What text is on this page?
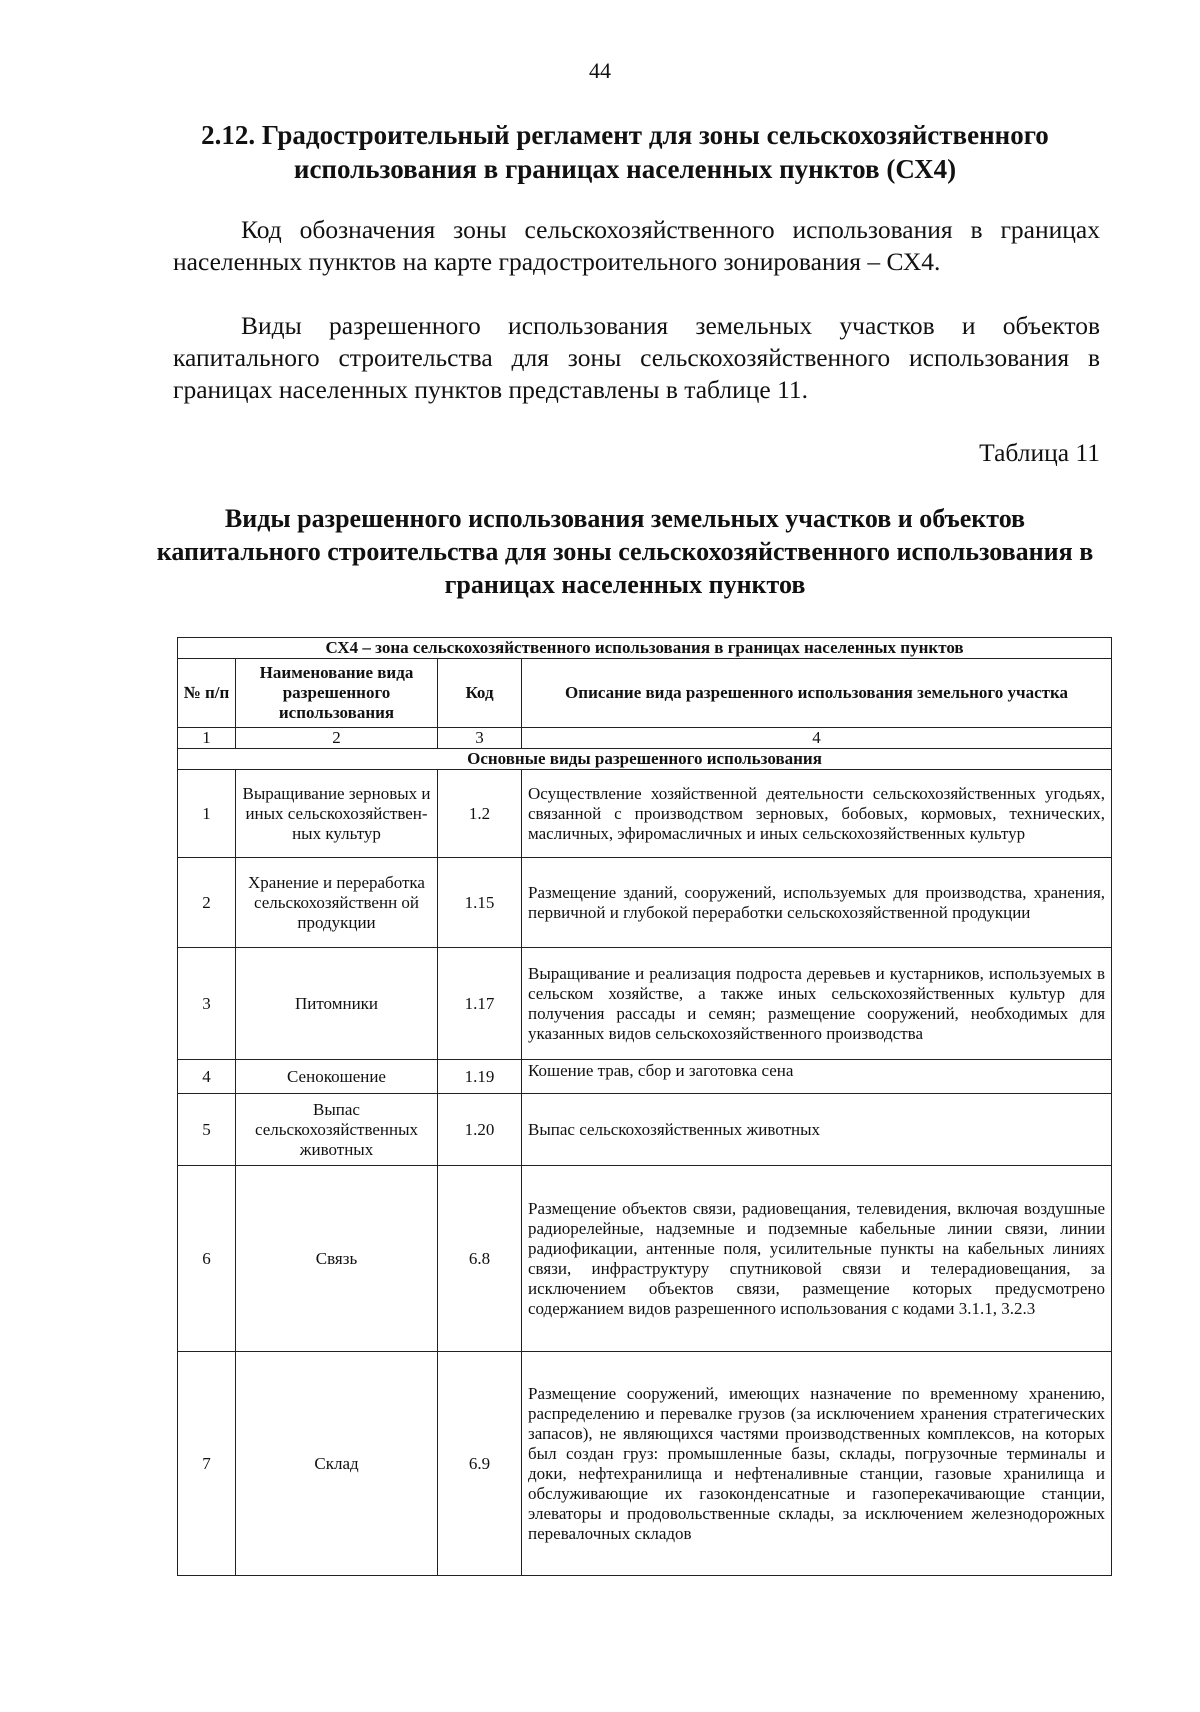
44
2.12. Градостроительный регламент для зоны сельскохозяйственного использования в границах населенных пунктов (СХ4)
Код обозначения зоны сельскохозяйственного использования в границах населенных пунктов на карте градостроительного зонирования – СХ4.
Виды разрешенного использования земельных участков и объектов капитального строительства для зоны сельскохозяйственного использования в границах населенных пунктов представлены в таблице 11.
Таблица 11
Виды разрешенного использования земельных участков и объектов капитального строительства для зоны сельскохозяйственного использования в границах населенных пунктов
СХ4 – зона сельскохозяйственного использования в границах населенных пунктов			
№ п/п	Наименование вида разрешенного использования	Код	Описание вида разрешенного использования земельного участка
1	2	3	4
Основные виды разрешенного использования			
1	Выращивание зерновых и иных сельскохозяйствен-ных культур	1.2	Осуществление хозяйственной деятельности сельскохозяйственных угодьях, связанной с производством зерновых, бобовых, кормовых, технических, масличных, эфиромасличных и иных сельскохозяйственных культур
2	Хранение и переработка сельскохозяйственн ой продукции	1.15	Размещение зданий, сооружений, используемых для производства, хранения, первичной и глубокой переработки сельскохозяйственной продукции
3	Питомники	1.17	Выращивание и реализация подроста деревьев и кустарников, используемых в сельском хозяйстве, а также иных сельскохозяйственных культур для получения рассады и семян; размещение сооружений, необходимых для указанных видов сельскохозяйственного производства
4	Сенокошение	1.19	Кошение трав, сбор и заготовка сена
5	Выпас сельскохозяйственных животных	1.20	Выпас сельскохозяйственных животных
6	Связь	6.8	Размещение объектов связи, радиовещания, телевидения, включая воздушные радиорелейные, надземные и подземные кабельные линии связи, линии радиофикации, антенные поля, усилительные пункты на кабельных линиях связи, инфраструктуру спутниковой связи и телерадиовещания, за исключением объектов связи, размещение которых предусмотрено содержанием видов разрешенного использования с кодами 3.1.1, 3.2.3
7	Склад	6.9	Размещение сооружений, имеющих назначение по временному хранению, распределению и перевалке грузов (за исключением хранения стратегических запасов), не являющихся частями производственных комплексов, на которых был создан груз: промышленные базы, склады, погрузочные терминалы и доки, нефтехранилища и нефтеналивные станции, газовые хранилища и обслуживающие их газоконденсатные и газоперекачивающие станции, элеваторы и продовольственные склады, за исключением железнодорожных перевалочных складов
